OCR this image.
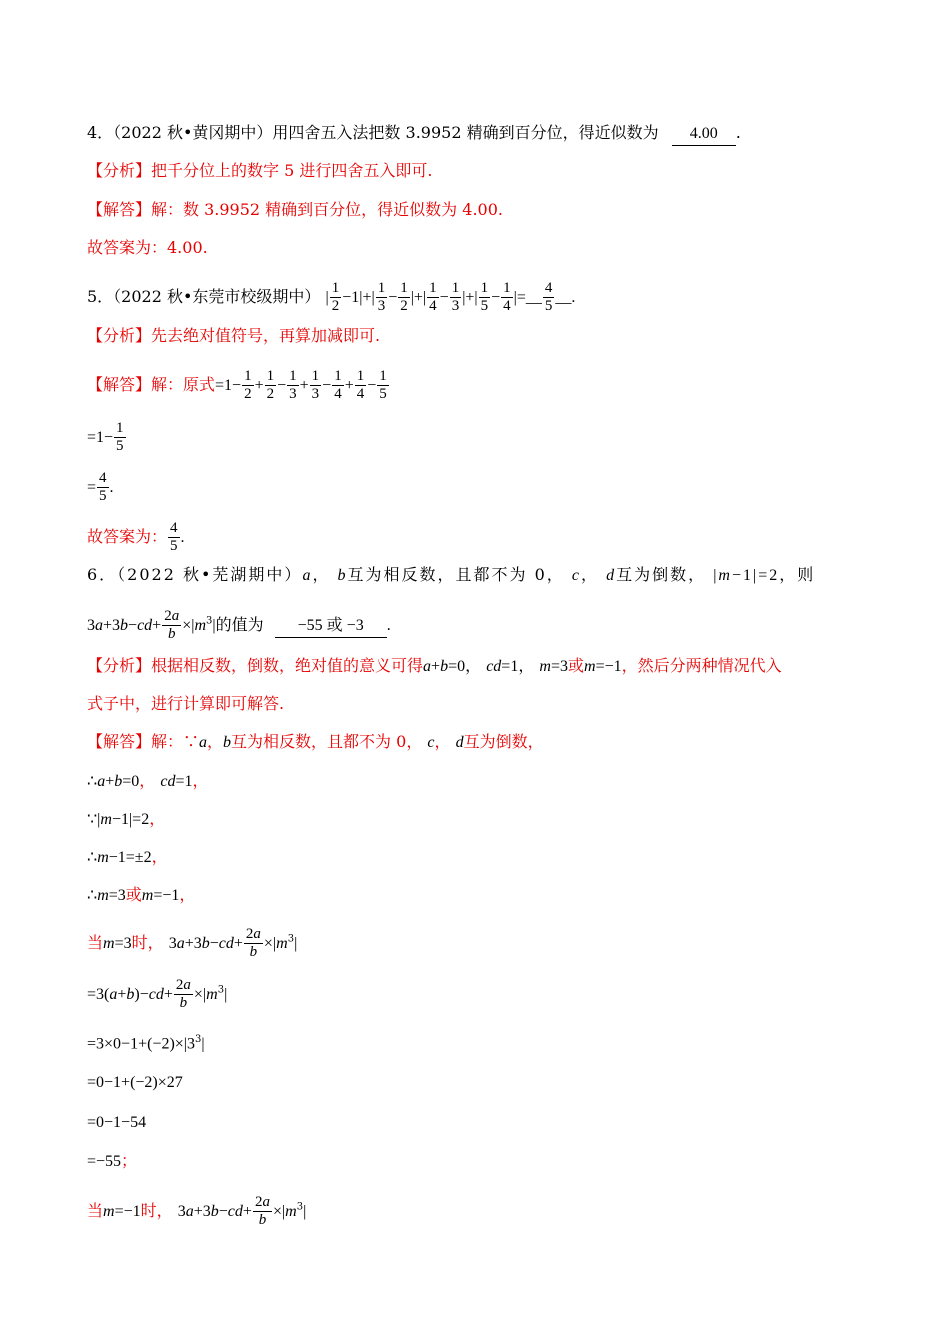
4．（2022 秋•黄冈期中）用四舍五入法把数 3.9952 精确到百分位，得近似数为 4.00 .
【分析】把千分位上的数字 5 进行四舍五入即可.
【解答】解：数 3.9952 精确到百分位，得近似数为 4.00.
故答案为：4.00.
5．（2022 秋•东莞市校级期中） | $\frac{1}{2} -1|+| \frac{1}{3} - \frac{1}{2}$ |+| $\frac{1}{4} - \frac{1}{3}$ |+| $\frac{1}{5} - \frac{1}{4}$ |=__ $\frac{4}{5}$ __.
【分析】先去绝对值符号，再算加减即可.
【解答】解：原式$=1- \frac{1}{2} + \frac{1}{2} - \frac{1}{3} + \frac{1}{3} - \frac{1}{4} + \frac{1}{4} - \frac{1}{5}$
$=1- \frac{1}{5}$
= $\frac{4}{5}$ .
故答案为： $\frac{4}{5}$ .
6．（2022 秋•芜湖期中）a， b互为相反数，且都不为 0， c， d互为倒数， |m−1|=2，则
$3a+3b-cd+ \frac{2a}{b} \times|m^3|$的值为 −55 或 −3 .
【分析】根据相反数，倒数，绝对值的意义可得a+b=0， cd=1， m=3或m=−1，然后分两种情况代入
式子中，进行计算即可解答.
【解答】解：∵a，b互为相反数，且都不为 0， c， d互为倒数，
∴a+b=0， cd=1，
∵|m−1|=2，
∴m−1=±2，
∴m=3或m=−1，
当m=3时， $3a+3b-cd+ \frac{2a}{b} \times|m^3|$
$=3(a+b)-cd+ \frac{2a}{b} \times|m^3|$
$=3\times 0-1+(-2)\times|3^3|$
=0−1+(−2)×27
=0−1−54
=−55；
当m=−1时， $3a+3b-cd+ \frac{2a}{b} \times|m^3|$
